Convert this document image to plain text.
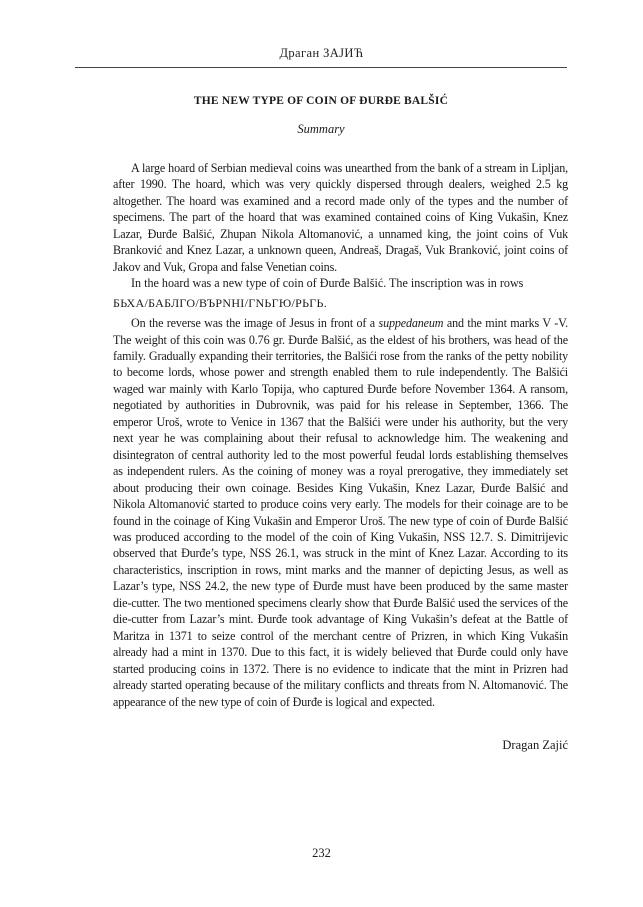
Драган ЗАЈИЋ
THE NEW TYPE OF COIN OF ĐURĐE BALŠIĆ
Summary

A large hoard of Serbian medieval coins was unearthed from the bank of a stream in Lipljan, after 1990. The hoard, which was very quickly dispersed through dealers, weighed 2.5 kg altogether. The hoard was examined and a record made only of the types and the number of specimens. The part of the hoard that was examined contained coins of King Vukašin, Knez Lazar, Đurđe Balšić, Zhupan Nikola Altomanović, a unnamed king, the joint coins of Vuk Branković and Knez Lazar, a unknown queen, Andreaš, Dragaš, Vuk Branković, joint coins of Jakov and Vuk, Gropa and false Venetian coins.

In the hoard was a new type of coin of Đurđe Balšić. The inscription was in rows

БЬХА/БАБЛГО/ВЪРNНI/ГNЬГЮ/РЬГЬ.

On the reverse was the image of Jesus in front of a suppedaneum and the mint marks V -V. The weight of this coin was 0.76 gr. Đurđe Balšić, as the eldest of his brothers, was head of the family. Gradually expanding their territories, the Balšići rose from the ranks of the petty nobility to become lords, whose power and strength enabled them to rule independently. The Balšići waged war mainly with Karlo Topija, who captured Đurđe before November 1364. A ransom, negotiated by authorities in Dubrovnik, was paid for his release in September, 1366. The emperor Uroš, wrote to Venice in 1367 that the Balšići were under his authority, but the very next year he was complaining about their refusal to acknowledge him. The weakening and disintegraton of central authority led to the most powerful feudal lords establishing themselves as independent rulers. As the coining of money was a royal prerogative, they immediately set about producing their own coinage. Besides King Vukašin, Knez Lazar, Đurđe Balšić and Nikola Altomanović started to produce coins very early. The models for their coinage are to be found in the coinage of King Vukašin and Emperor Uroš. The new type of coin of Đurđe Balšić was produced according to the model of the coin of King Vukašin, NSS 12.7. S. Dimitrijevic observed that Đurđe’s type, NSS 26.1, was struck in the mint of Knez Lazar. According to its characteristics, inscription in rows, mint marks and the manner of depicting Jesus, as well as Lazar’s type, NSS 24.2, the new type of Đurđe must have been produced by the same master die-cutter. The two mentioned specimens clearly show that Đurđe Balšić used the services of the die-cutter from Lazar’s mint. Đurđe took advantage of King Vukašin’s defeat at the Battle of Maritza in 1371 to seize control of the merchant centre of Prizren, in which King Vukašin already had a mint in 1370. Due to this fact, it is widely believed that Đurđe could only have started producing coins in 1372. There is no evidence to indicate that the mint in Prizren had already started operating because of the military conflicts and threats from N. Altomanović. The appearance of the new type of coin of Đurđe is logical and expected.

Dragan Zajić
232
